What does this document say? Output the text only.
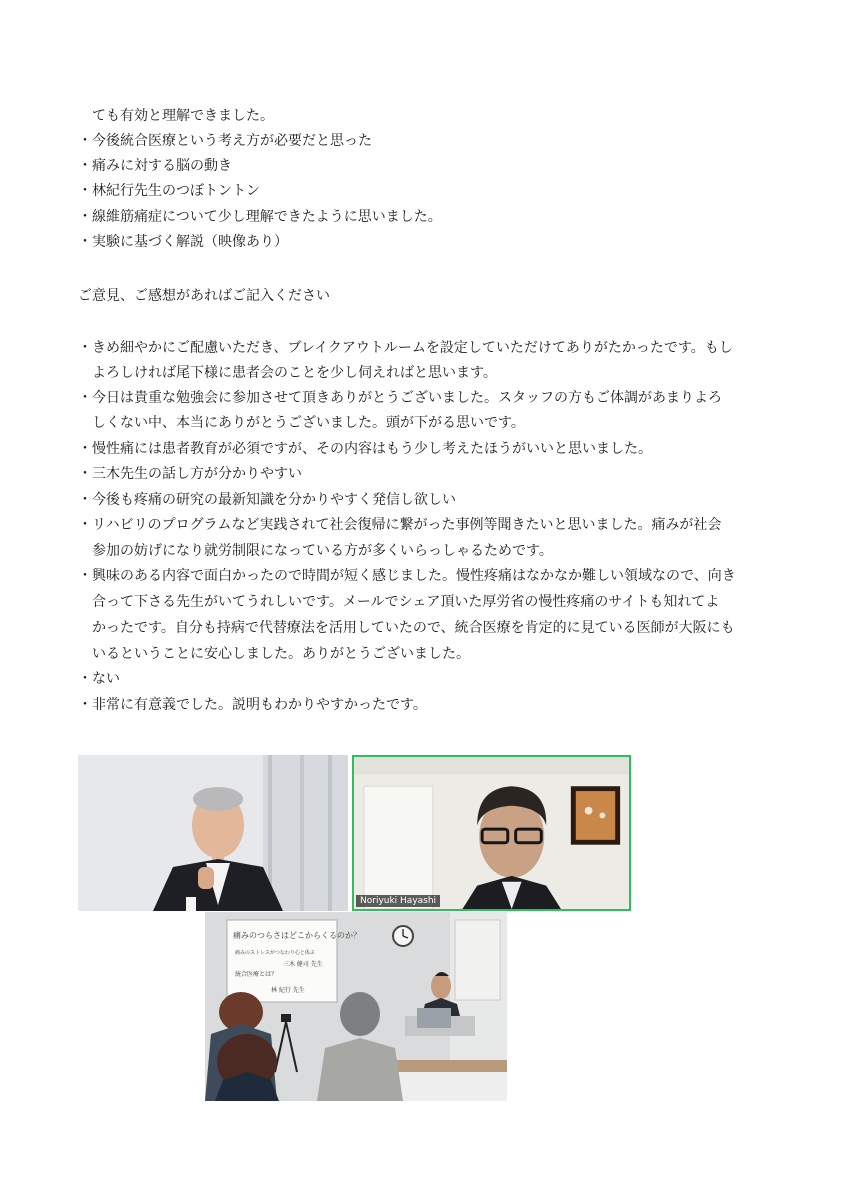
ても有効と理解できました。
・今後統合医療という考え方が必要だと思った
・痛みに対する脳の動き
・林紀行先生のつぼトントン
・線維筋痛症について少し理解できたように思いました。
・実験に基づく解説（映像あり）
ご意見、ご感想があればご記入ください
・きめ細やかにご配慮いただき、ブレイクアウトルームを設定していただけてありがたかったです。もし
よろしければ尾下様に患者会のことを少し伺えればと思います。
・今日は貴重な勉強会に参加させて頂きありがとうございました。スタッフの方もご体調があまりよろ
しくない中、本当にありがとうございました。頭が下がる思いです。
・慢性痛には患者教育が必須ですが、その内容はもう少し考えたほうがいいと思いました。
・三木先生の話し方が分かりやすい
・今後も疼痛の研究の最新知識を分かりやすく発信し欲しい
・リハビリのプログラムなど実践されて社会復帰に繋がった事例等聞きたいと思いました。痛みが社会
参加の妨げになり就労制限になっている方が多くいらっしゃるためです。
・興味のある内容で面白かったので時間が短く感じました。慢性疼痛はなかなか難しい領域なので、向き
合って下さる先生がいてうれしいです。メールでシェア頂いた厚労省の慢性疼痛のサイトも知れてよ
かったです。自分も持病で代替療法を活用していたので、統合医療を肯定的に見ている医師が大阪にも
いるということに安心しました。ありがとうございました。
・ない
・非常に有意義でした。説明もわかりやすかったです。
Noriyuki Hayashi
痛みのつらさはどこからくるのか？
痛みのストレスがつなわり心と体ぶ
三木 健司 先生
統合医療とは？
林 紀行 先生
